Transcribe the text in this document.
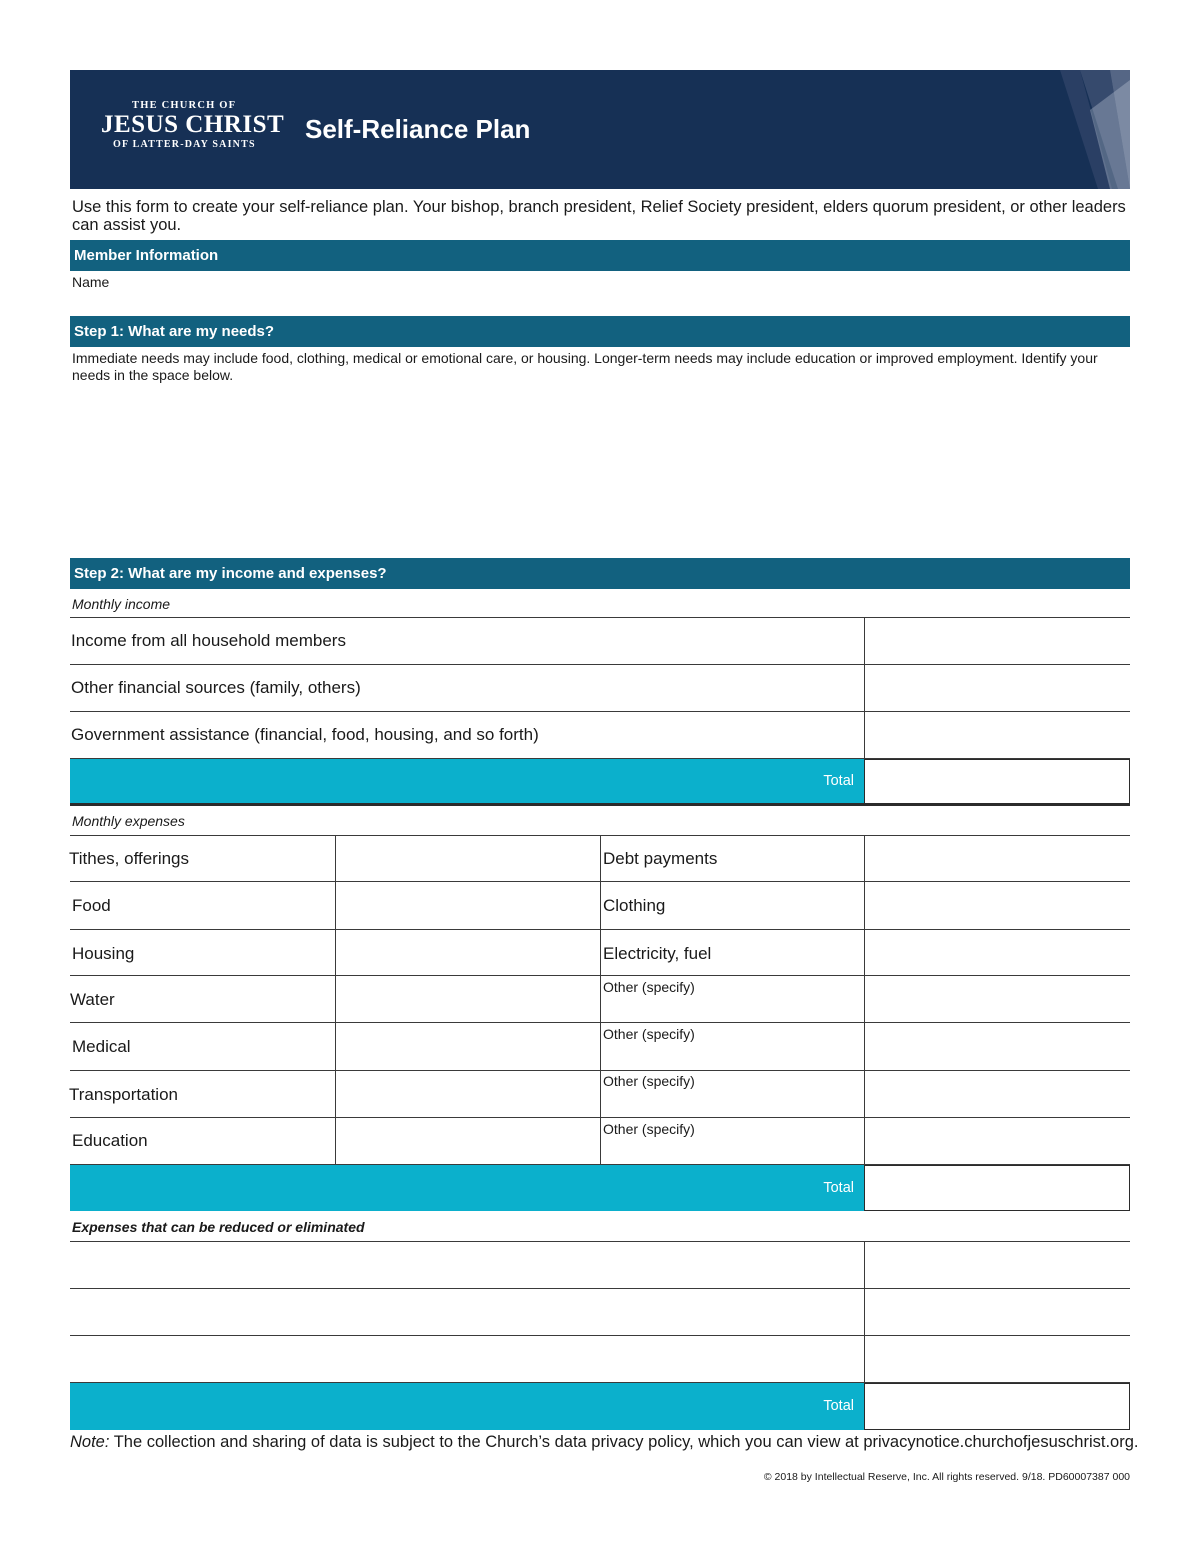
THE CHURCH OF
JESUS CHRIST
OF LATTER-DAY SAINTS
Self-Reliance Plan
Use this form to create your self-reliance plan. Your bishop, branch president, Relief Society president, elders quorum president, or other leaders can assist you.
Member Information
Name
Step 1: What are my needs?
Immediate needs may include food, clothing, medical or emotional care, or housing. Longer-term needs may include education or improved employment. Identify your needs in the space below.
Step 2: What are my income and expenses?
Monthly income
Income from all household members
Other financial sources (family, others)
Government assistance (financial, food, housing, and so forth)
Total
Monthly expenses
Tithes, offerings
Food
Housing
Water
Medical
Transportation
Education
Debt payments
Clothing
Electricity, fuel
Other (specify)
Other (specify)
Other (specify)
Other (specify)
Total
Expenses that can be reduced or eliminated
Total
Note: The collection and sharing of data is subject to the Church’s data privacy policy, which you can view at privacynotice.churchofjesuschrist.org.
© 2018 by Intellectual Reserve, Inc. All rights reserved. 9/18. PD60007387 000
